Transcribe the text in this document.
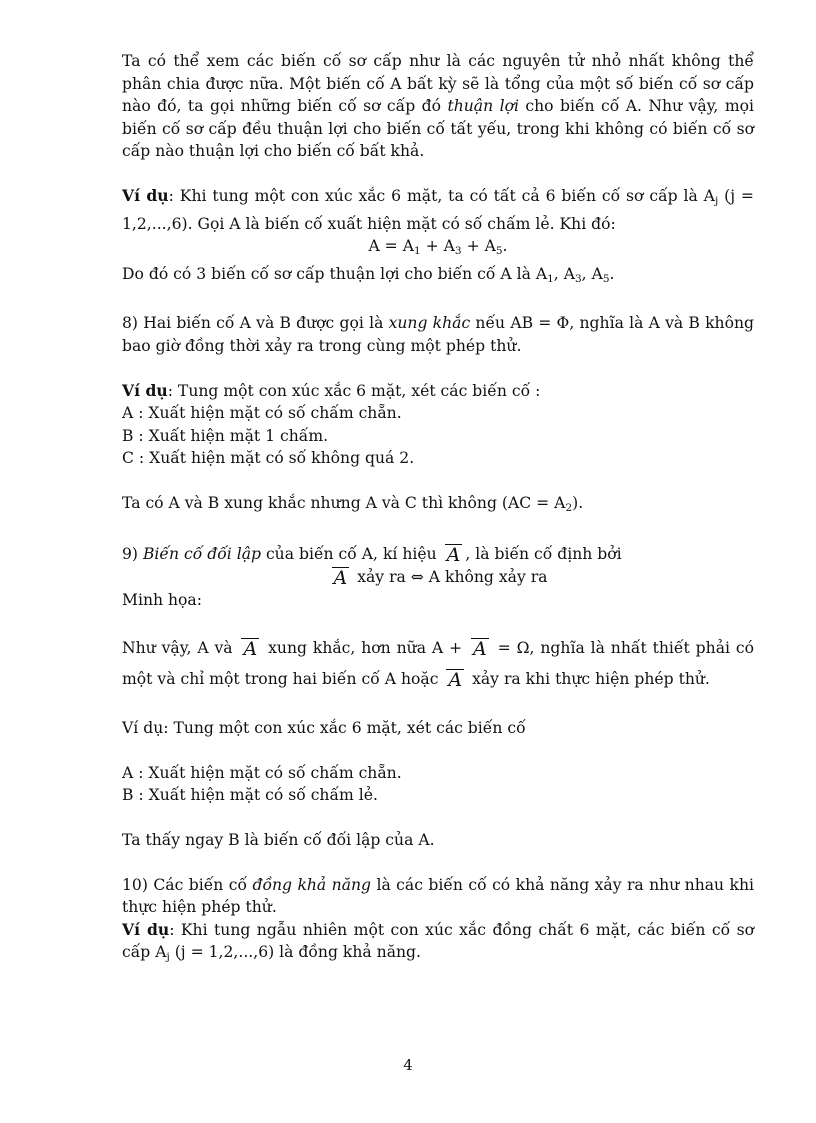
Ta có thể xem các biến cố sơ cấp như là các nguyên tử nhỏ nhất không thể phân chia được nữa. Một biến cố A bất kỳ sẽ là tổng của một số biến cố sơ cấp nào đó, ta gọi những biến cố sơ cấp đó thuận lợi cho biến cố A. Như vậy, mọi biến cố sơ cấp đều thuận lợi cho biến cố tất yếu, trong khi không có biến cố sơ cấp nào thuận lợi cho biến cố bất khả.

Ví dụ: Khi tung một con xúc xắc 6 mặt, ta có tất cả 6 biến cố sơ cấp là $A_j$ (j = 1,2,...,6). Gọi A là biến cố xuất hiện mặt có số chấm lẻ. Khi đó:

$A = A_1 + A_3 + A_5$.

Do đó có 3 biến cố sơ cấp thuận lợi cho biến cố A là $A_1$, $A_3$, $A_5$.

8) Hai biến cố A và B được gọi là xung khắc nếu AB = Φ, nghĩa là A và B không bao giờ đồng thời xảy ra trong cùng một phép thử.

Ví dụ: Tung một con xúc xắc 6 mặt, xét các biến cố :

A : Xuất hiện mặt có số chấm chẵn.

B : Xuất hiện mặt 1 chấm.

C : Xuất hiện mặt có số không quá 2.

Ta có A và B xung khắc nhưng A và C thì không $(AC = A_2)$.

9) Biến cố đối lập của biến cố A, kí hiệu A , là biến cố định bởi

A xảy ra ⇔ A không xảy ra

Minh họa:

Như vậy, A và A xung khắc, hơn nữa A + A = Ω, nghĩa là nhất thiết phải có một và chỉ một trong hai biến cố A hoặc A xảy ra khi thực hiện phép thử.

Ví dụ: Tung một con xúc xắc 6 mặt, xét các biến cố

A : Xuất hiện mặt có số chấm chẵn.

B : Xuất hiện mặt có số chấm lẻ.

Ta thấy ngay B là biến cố đối lập của A.

10) Các biến cố đồng khả năng là các biến cố có khả năng xảy ra như nhau khi thực hiện phép thử.

Ví dụ: Khi tung ngẫu nhiên một con xúc xắc đồng chất 6 mặt, các biến cố sơ cấp $A_j$ (j = 1,2,...,6) là đồng khả năng.

4
